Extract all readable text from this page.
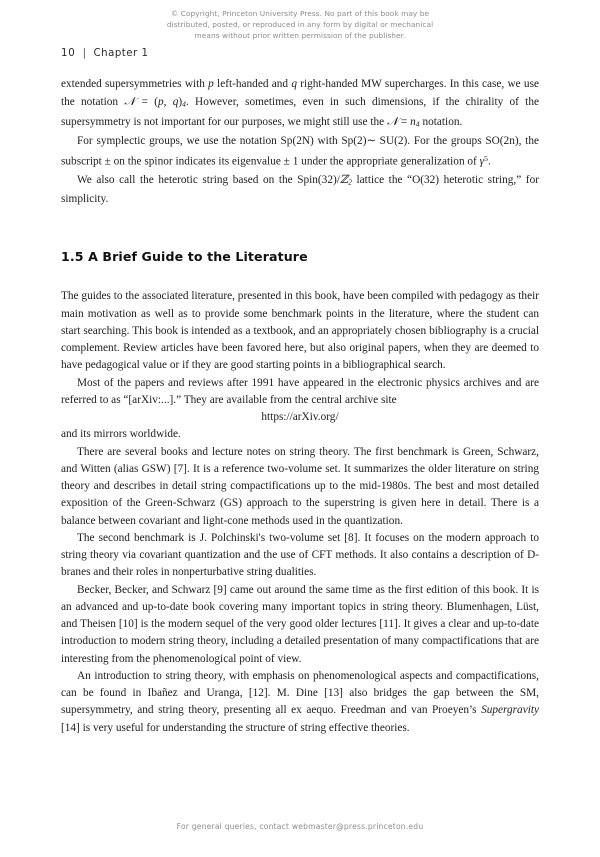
© Copyright, Princeton University Press. No part of this book may be
distributed, posted, or reproduced in any form by digital or mechanical
means without prior written permission of the publisher.
10 | Chapter 1

extended supersymmetries with p left-handed and q right-handed MW supercharges. In this case, we use the notation 𝒩 = (p, $q)_4$. However, sometimes, even in such dimensions, if the chirality of the supersymmetry is not important for our purposes, we might still use the 𝒩 = $n_4$ notation.

For symplectic groups, we use the notation Sp(2N) with Sp(2)∼ SU(2). For the groups SO(2n), the subscript ± on the spinor indicates its eigenvalue ± 1 under the appropriate generalization of $\gamma^5$.

We also call the heterotic string based on the Spin(32)/ℤ$_2$ lattice the “O(32) heterotic string,” for simplicity.

1.5 A Brief Guide to the Literature

The guides to the associated literature, presented in this book, have been compiled with pedagogy as their main motivation as well as to provide some benchmark points in the literature, where the student can start searching. This book is intended as a textbook, and an appropriately chosen bibliography is a crucial complement. Review articles have been favored here, but also original papers, when they are deemed to have pedagogical value or if they are good starting points in a bibliographical search.

Most of the papers and reviews after 1991 have appeared in the electronic physics archives and are referred to as “[arXiv:...].” They are available from the central archive site

https://arXiv.org/

and its mirrors worldwide.

There are several books and lecture notes on string theory. The first benchmark is Green, Schwarz, and Witten (alias GSW) [7]. It is a reference two-volume set. It summarizes the older literature on string theory and describes in detail string compactifications up to the mid-1980s. The best and most detailed exposition of the Green-Schwarz (GS) approach to the superstring is given here in detail. There is a balance between covariant and light-cone methods used in the quantization.

The second benchmark is J. Polchinski's two-volume set [8]. It focuses on the modern approach to string theory via covariant quantization and the use of CFT methods. It also contains a description of D-branes and their roles in nonperturbative string dualities.

Becker, Becker, and Schwarz [9] came out around the same time as the first edition of this book. It is an advanced and up-to-date book covering many important topics in string theory. Blumenhagen, Lüst, and Theisen [10] is the modern sequel of the very good older lectures [11]. It gives a clear and up-to-date introduction to modern string theory, including a detailed presentation of many compactifications that are interesting from the phenomenological point of view.

An introduction to string theory, with emphasis on phenomenological aspects and compactifications, can be found in Ibañez and Uranga, [12]. M. Dine [13] also bridges the gap between the SM, supersymmetry, and string theory, presenting all ex aequo. Freedman and van Proeyen’s Supergravity [14] is very useful for understanding the structure of string effective theories.

For general queries, contact webmaster@press.princeton.edu
